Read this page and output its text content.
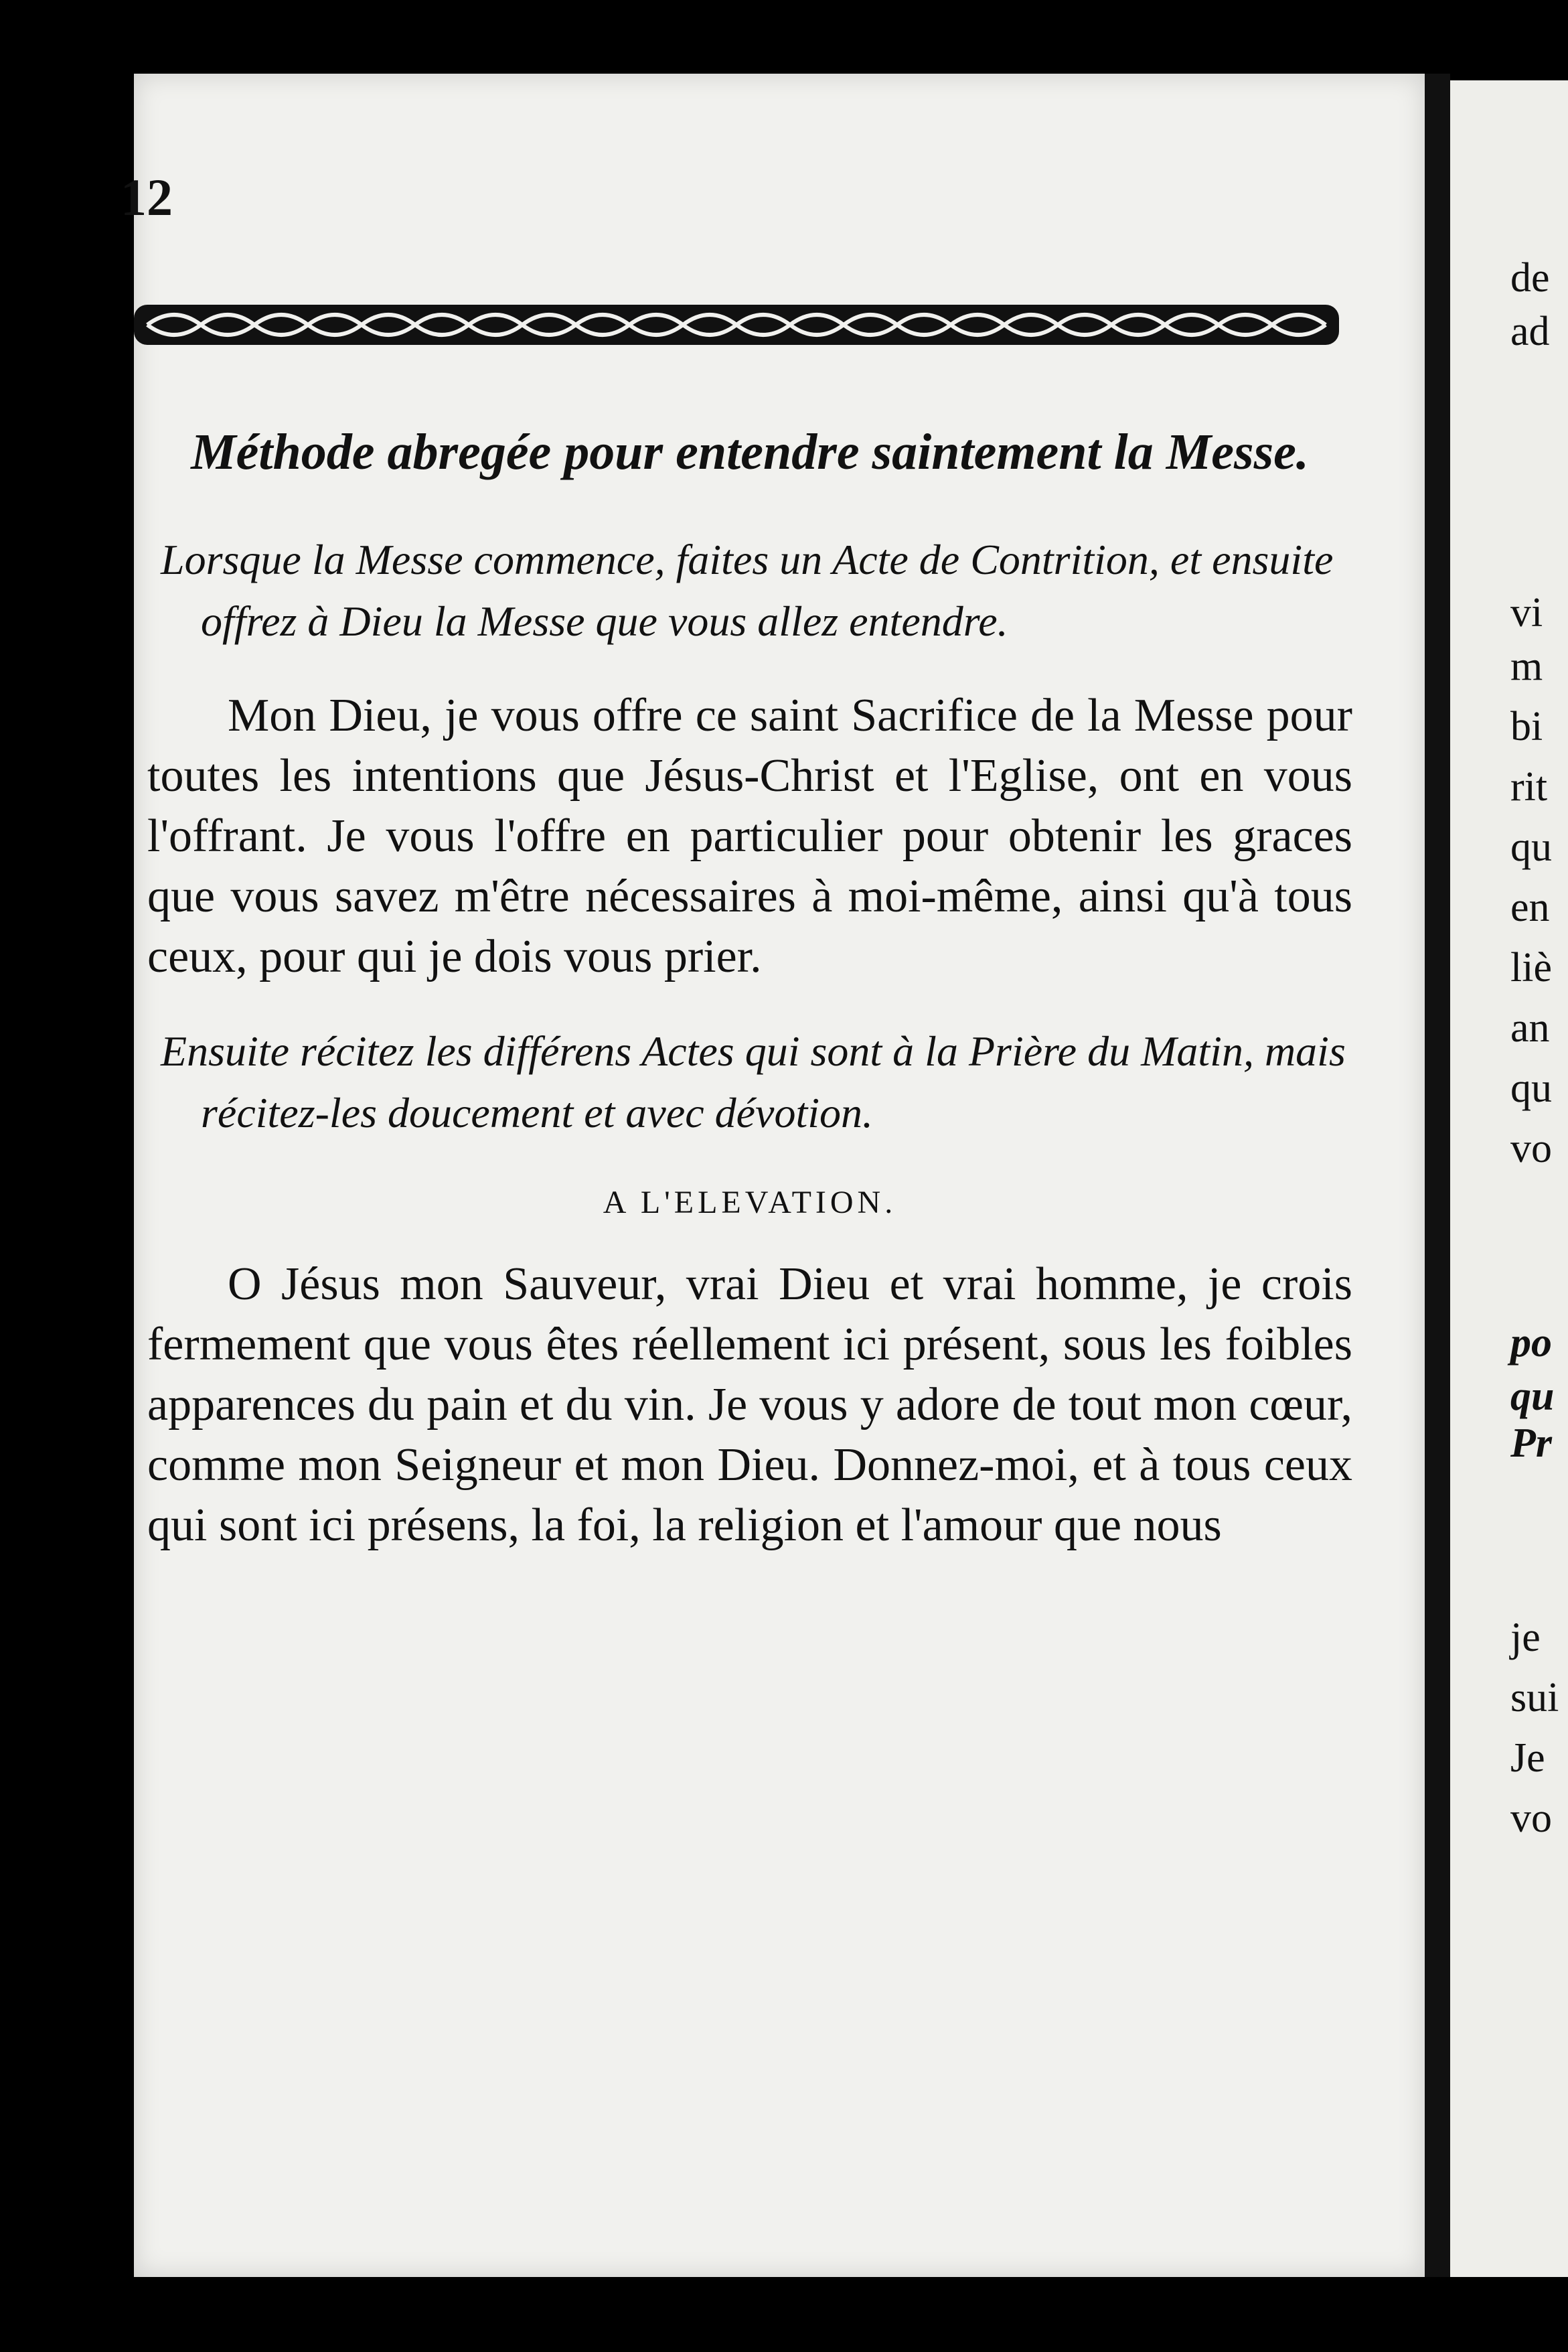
de
ad
vi
m
bi
rit
qu
en
liè
an
qu
vo
po
qu
Pr
je
sui
Je
vo
12

Méthode abregée pour entendre saintement la Messe.

Lorsque la Messe commence, faites un Acte de Contrition, et ensuite offrez à Dieu la Messe que vous allez entendre.

Mon Dieu, je vous offre ce saint Sacrifice de la Messe pour toutes les intentions que Jésus-Christ et l'Eglise, ont en vous l'offrant. Je vous l'offre en particulier pour obtenir les graces que vous savez m'être nécessaires à moi-même, ainsi qu'à tous ceux, pour qui je dois vous prier.

Ensuite récitez les différens Actes qui sont à la Prière du Matin, mais récitez-les doucement et avec dévotion.

A L'ELEVATION.

O Jésus mon Sauveur, vrai Dieu et vrai homme, je crois fermement que vous êtes réellement ici présent, sous les foibles apparences du pain et du vin. Je vous y adore de tout mon cœur, comme mon Seigneur et mon Dieu. Donnez-moi, et à tous ceux qui sont ici présens, la foi, la religion et l'amour que nous
